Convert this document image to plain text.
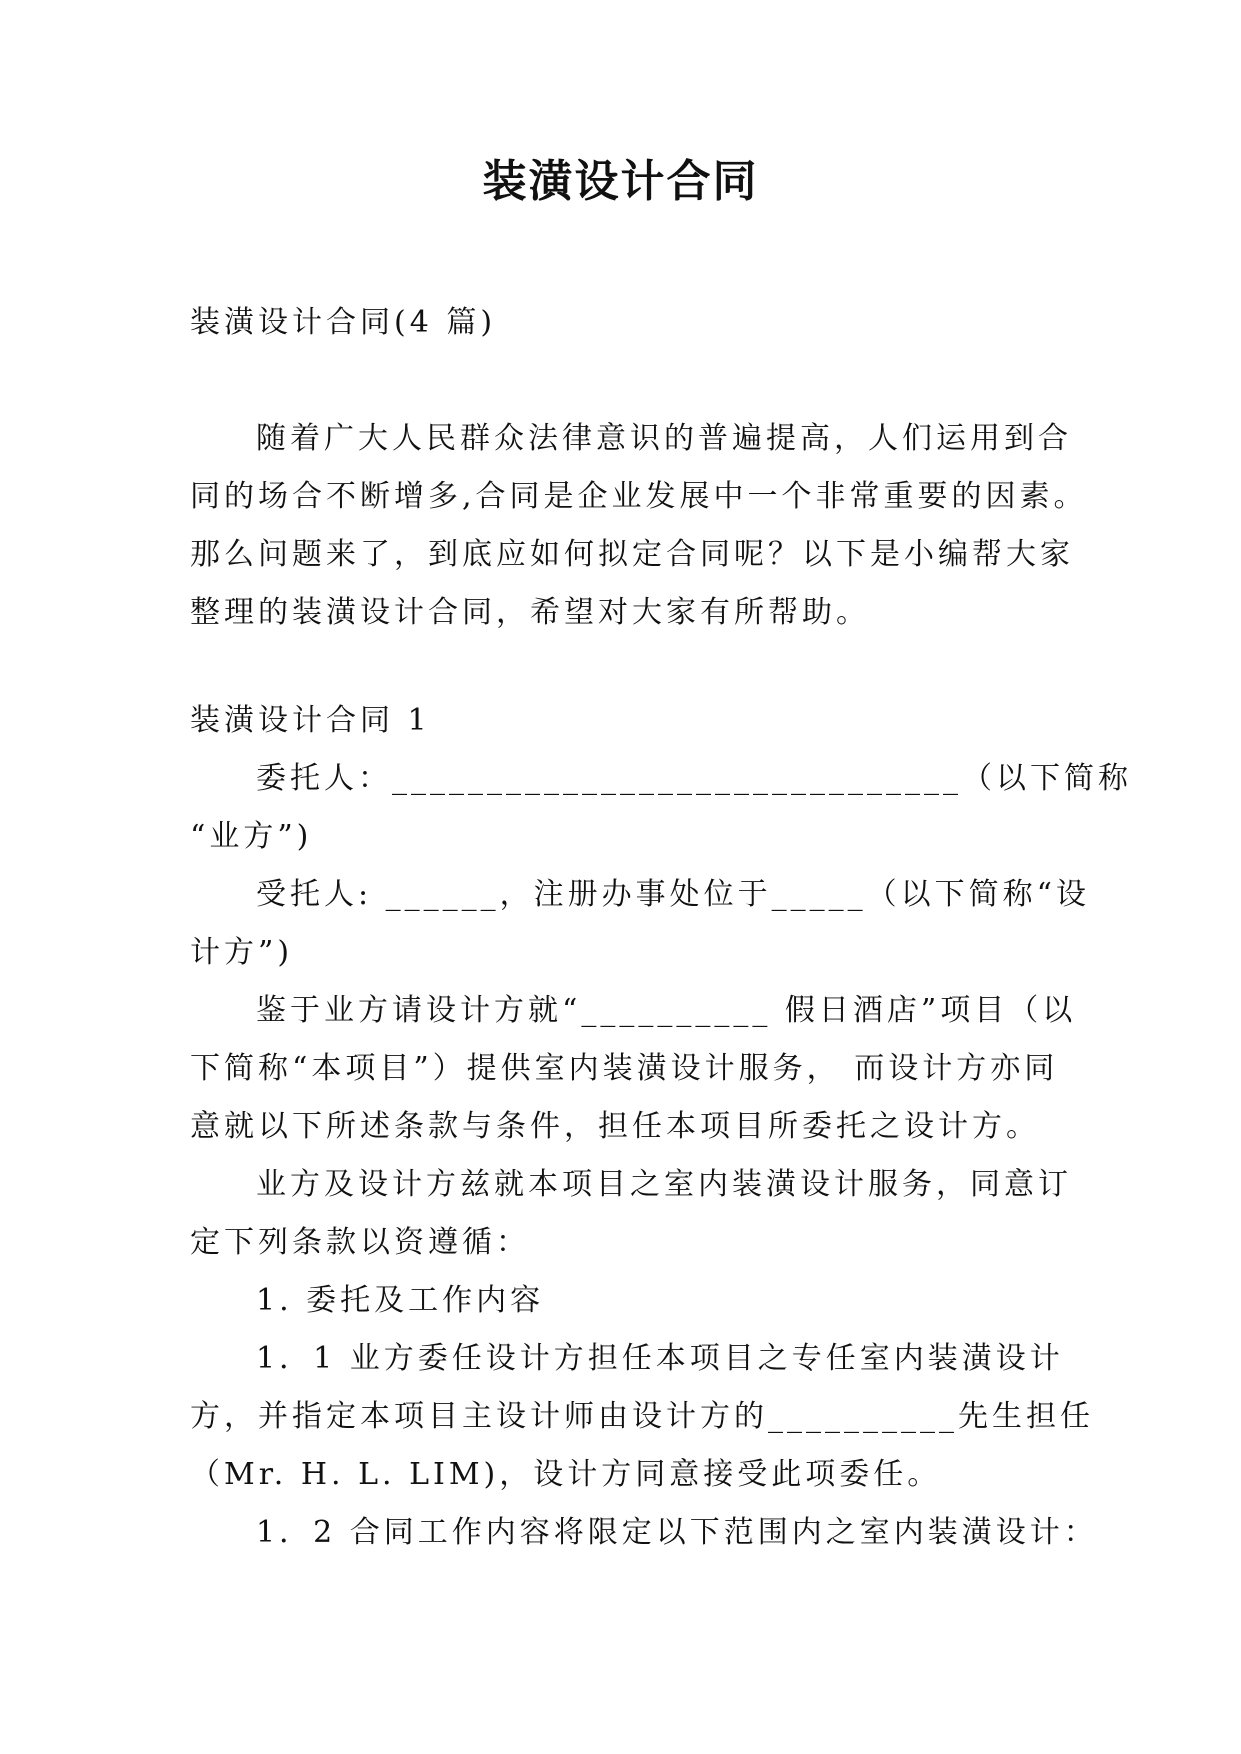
装潢设计合同

装潢设计合同(4 篇)

随着广大人民群众法律意识的普遍提高，人们运用到合

同的场合不断增多,合同是企业发展中一个非常重要的因素。

那么问题来了，到底应如何拟定合同呢？以下是小编帮大家

整理的装潢设计合同，希望对大家有所帮助。

装潢设计合同 1

委托人：______________________________（以下简称

“业方”)

受托人: ______，注册办事处位于_____（以下简称“设

计方”)

鉴于业方请设计方就“__________ 假日酒店”项目（以

下简称“本项目”）提供室内装潢设计服务， 而设计方亦同

意就以下所述条款与条件，担任本项目所委托之设计方。

业方及设计方兹就本项目之室内装潢设计服务，同意订

定下列条款以资遵循：

1. 委托及工作内容

1．1 业方委任设计方担任本项目之专任室内装潢设计

方，并指定本项目主设计师由设计方的__________先生担任

（Mr. H. L. LIM)，设计方同意接受此项委任。

1．2 合同工作内容将限定以下范围内之室内装潢设计：
